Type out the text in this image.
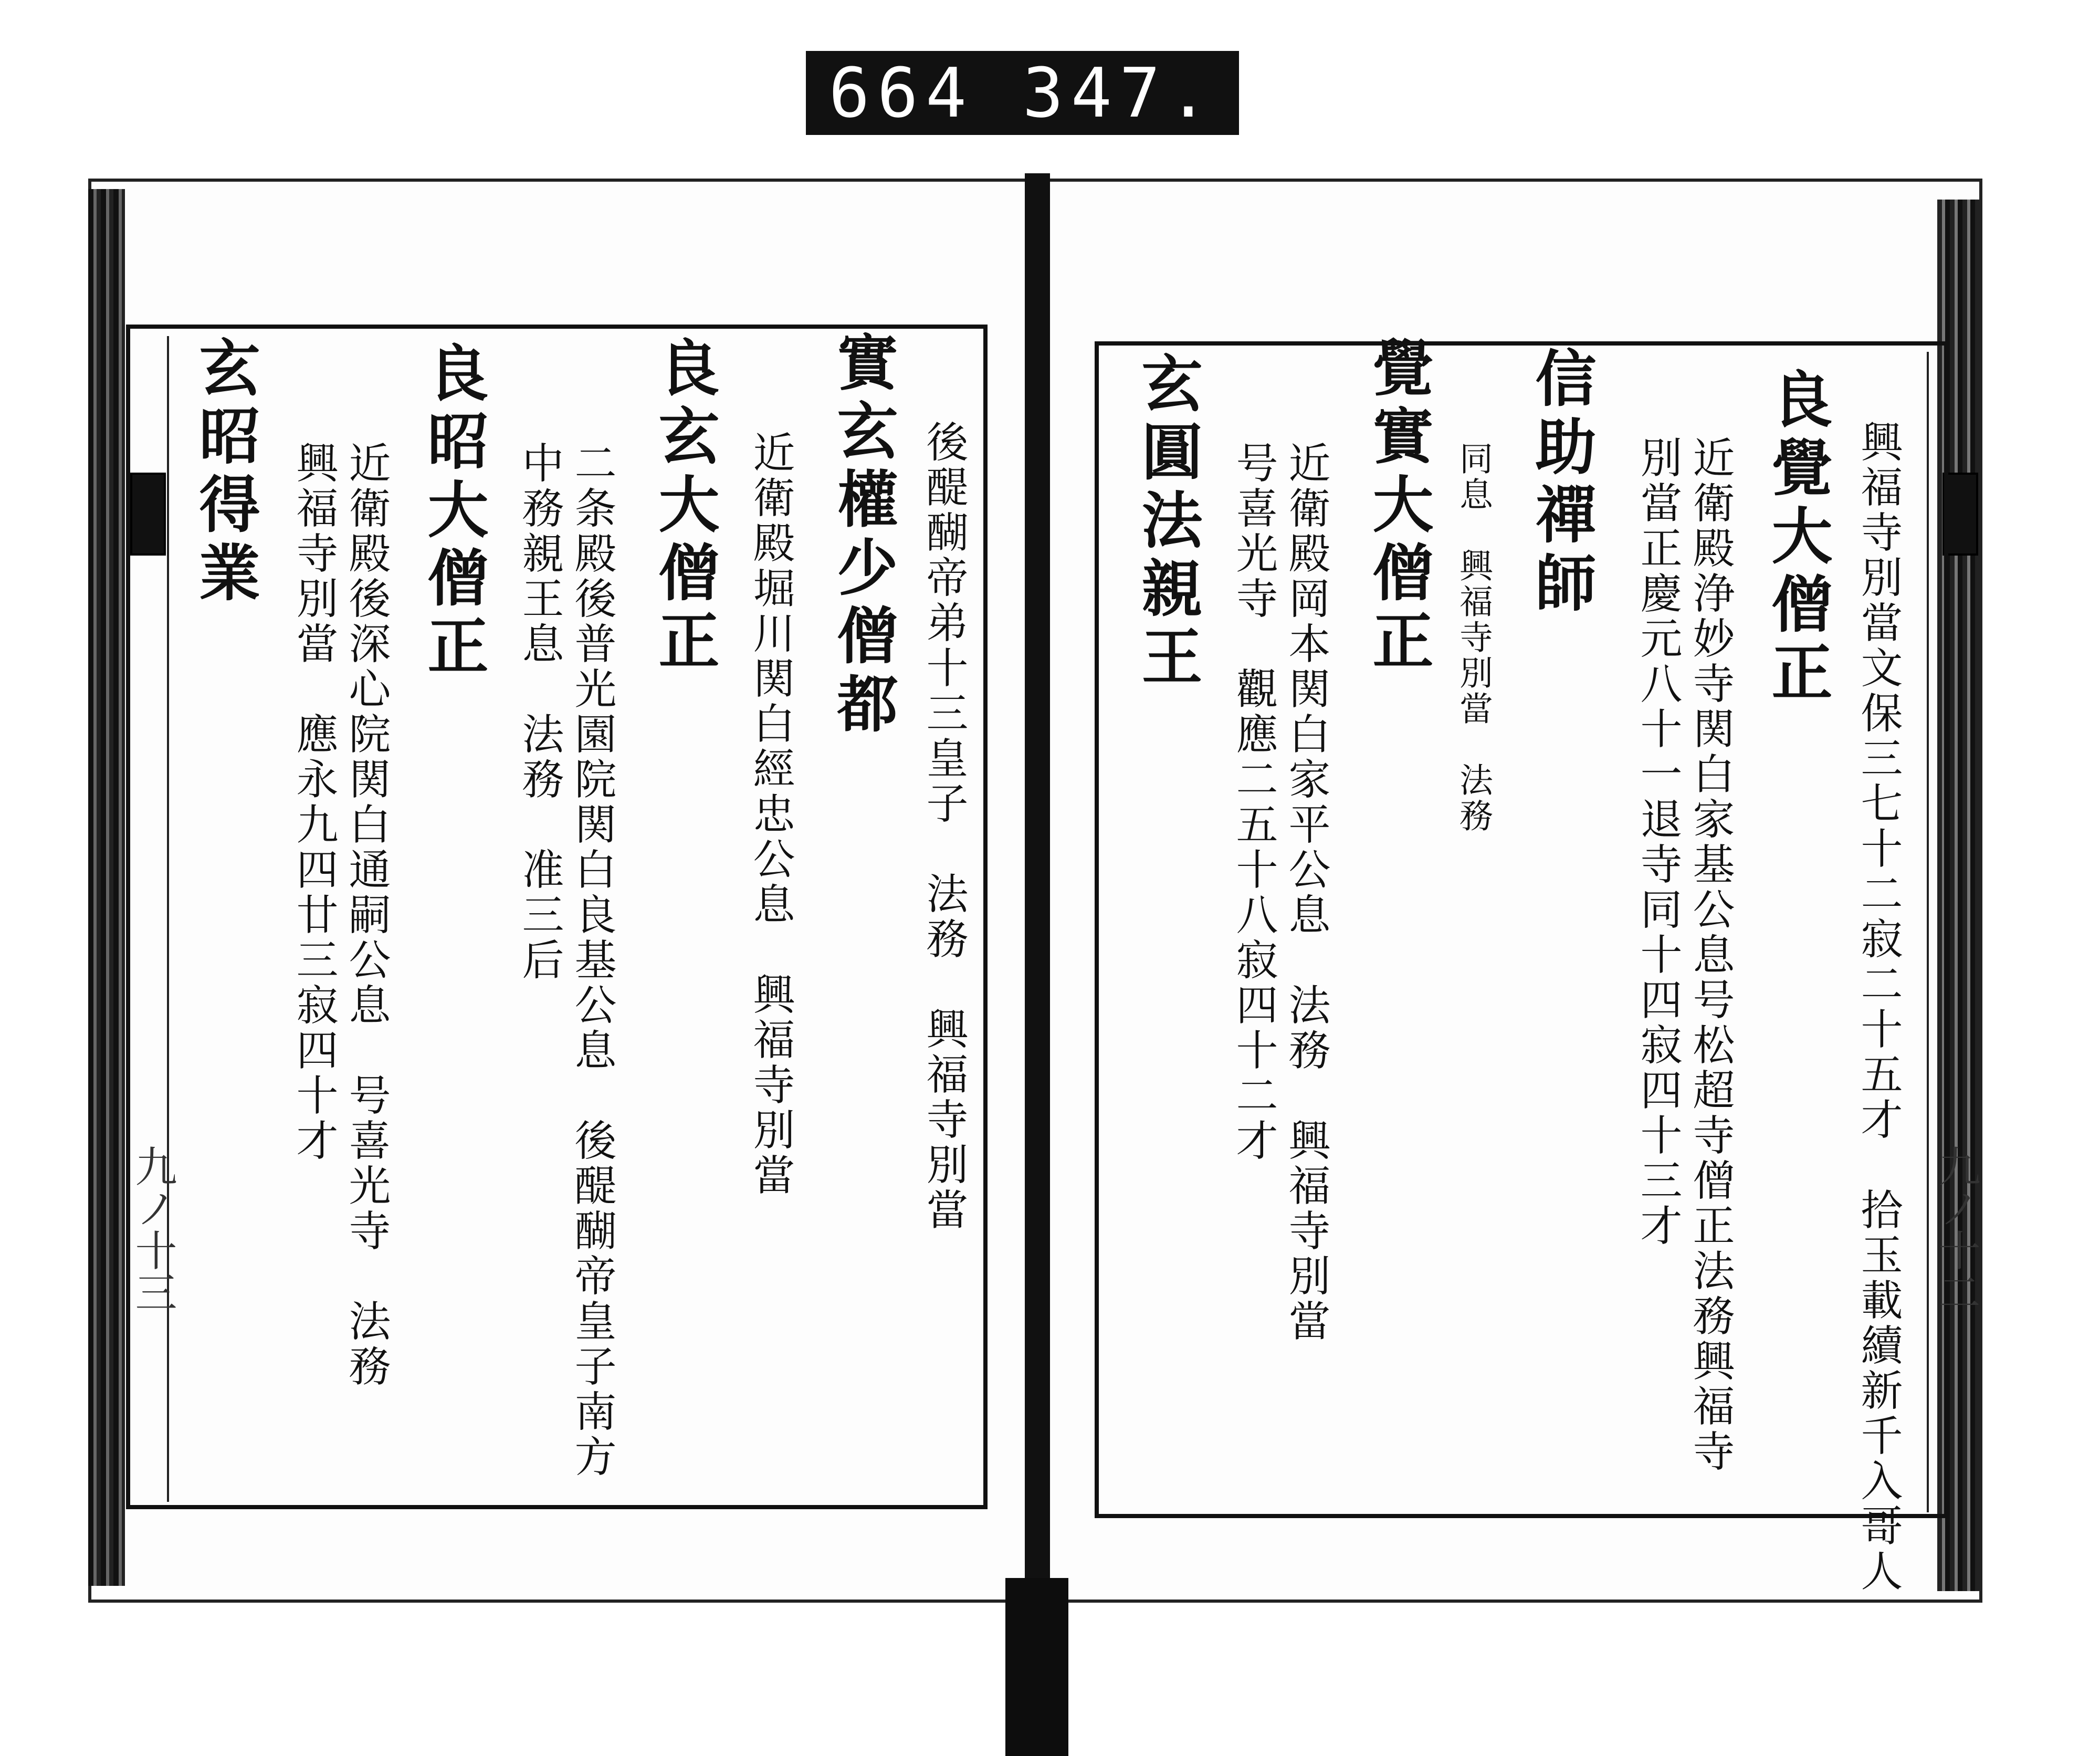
664 347.
九ノ十三	九ノ十二
興福寺別當文保三七十二寂二十五才　拾玉載續新千入哥人
良覺大僧正
近衛殿浄妙寺関白家基公息号松超寺僧正法務興福寺
別當正慶元八十一退寺同十四寂四十三才
信助禪師
同息　興福寺別當　法務
覺實大僧正
近衛殿岡本関白家平公息　法務　興福寺別當
号喜光寺　觀應二五十八寂四十二才
玄圓法親王
後醍醐帝弟十三皇子　法務　興福寺別當
實玄權少僧都
近衛殿堀川関白經忠公息　興福寺別當
良玄大僧正
二条殿後普光園院関白良基公息　後醍醐帝皇子南方
中務親王息　法務　准三后
良昭大僧正
近衛殿後深心院関白通嗣公息　号喜光寺　法務
興福寺別當　應永九四廿三寂四十才
玄昭得業
